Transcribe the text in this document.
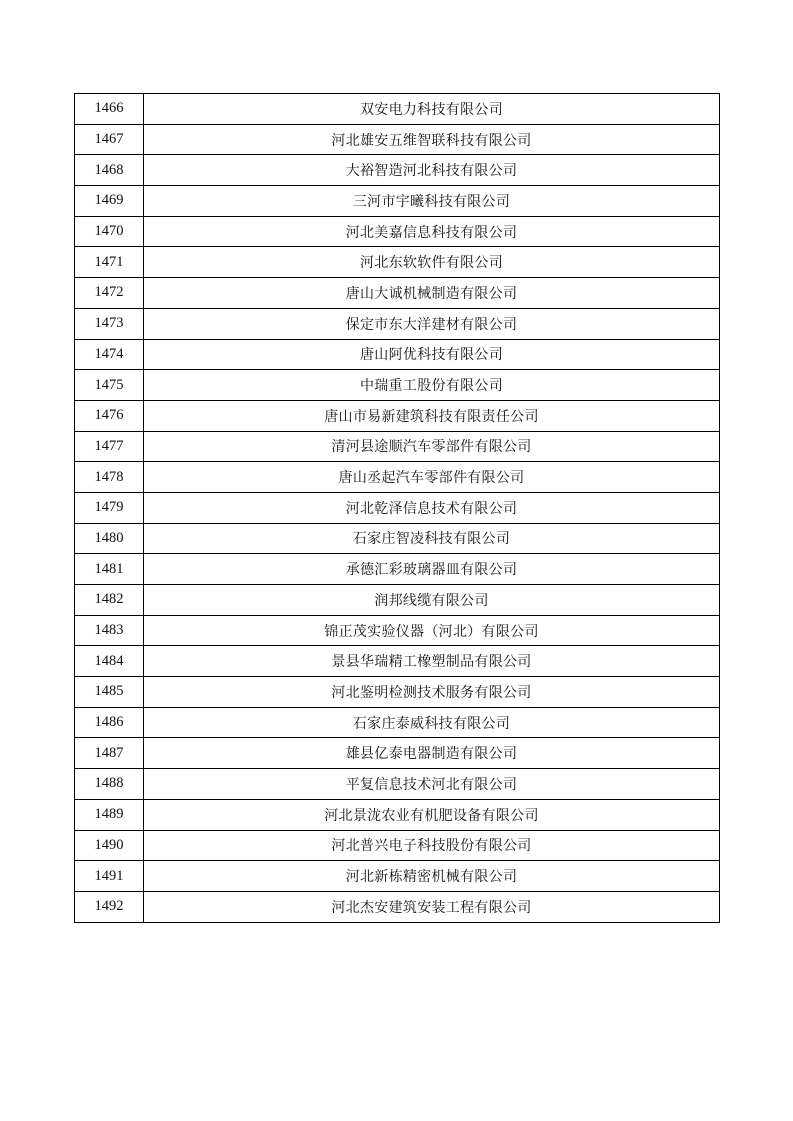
1466	双安电力科技有限公司
1467	河北雄安五维智联科技有限公司
1468	大裕智造河北科技有限公司
1469	三河市宇曦科技有限公司
1470	河北美嘉信息科技有限公司
1471	河北东软软件有限公司
1472	唐山大诚机械制造有限公司
1473	保定市东大洋建材有限公司
1474	唐山阿优科技有限公司
1475	中瑞重工股份有限公司
1476	唐山市易新建筑科技有限责任公司
1477	清河县途顺汽车零部件有限公司
1478	唐山丞起汽车零部件有限公司
1479	河北乾泽信息技术有限公司
1480	石家庄智凌科技有限公司
1481	承德汇彩玻璃器皿有限公司
1482	润邦线缆有限公司
1483	锦正茂实验仪器（河北）有限公司
1484	景县华瑞精工橡塑制品有限公司
1485	河北鉴明检测技术服务有限公司
1486	石家庄泰威科技有限公司
1487	雄县亿泰电器制造有限公司
1488	平复信息技术河北有限公司
1489	河北景泷农业有机肥设备有限公司
1490	河北普兴电子科技股份有限公司
1491	河北新栋精密机械有限公司
1492	河北杰安建筑安装工程有限公司
